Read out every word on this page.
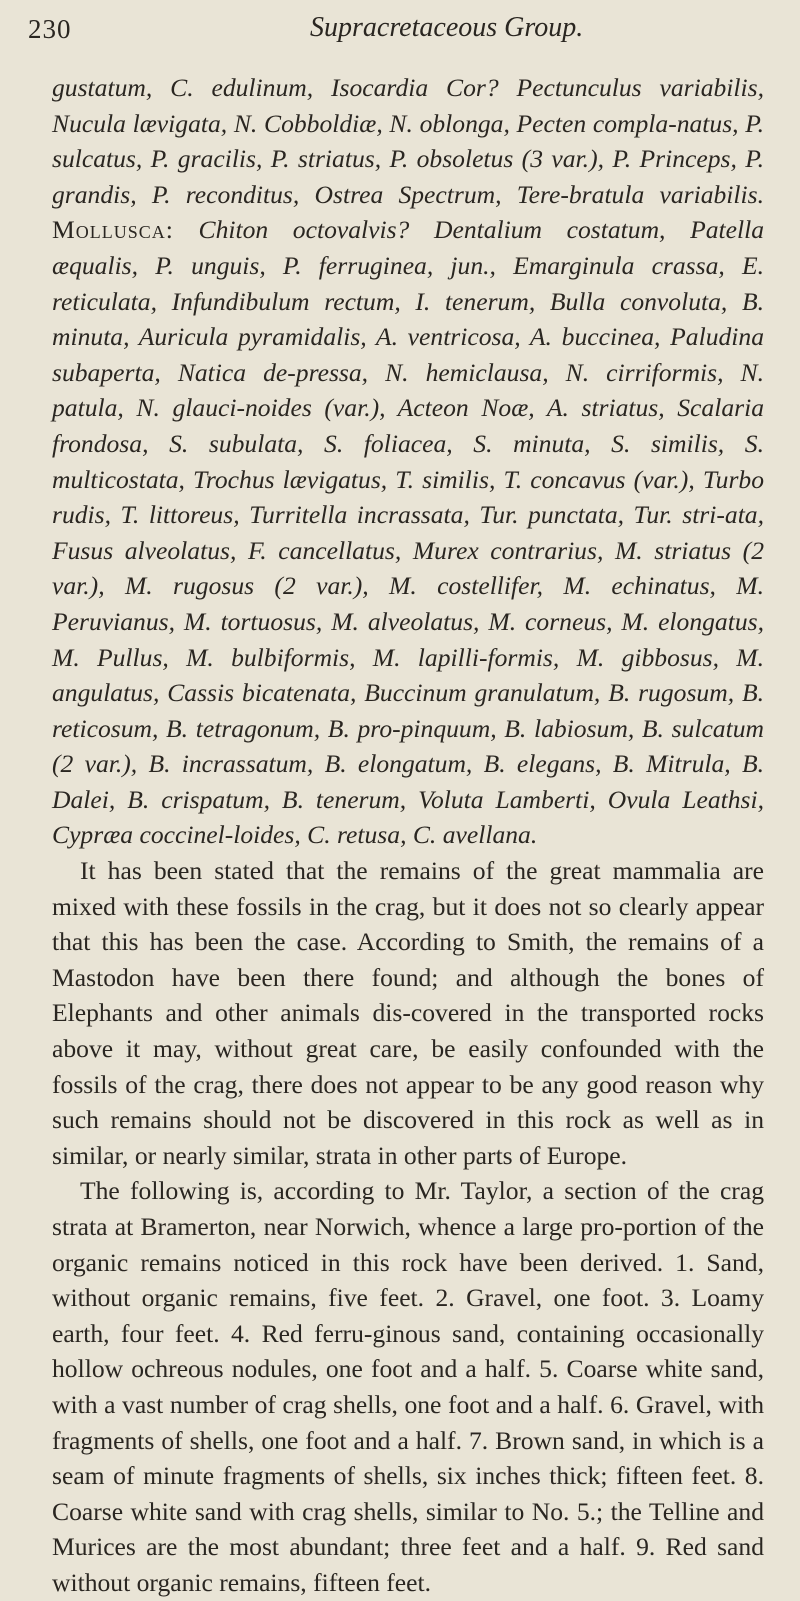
230	Supracretaceous Group.

gustatum, C. edulinum, Isocardia Cor? Pectunculus variabilis, Nucula lævigata, N. Cobboldiæ, N. oblonga, Pecten compla-natus, P. sulcatus, P. gracilis, P. striatus, P. obsoletus (3 var.), P. Princeps, P. grandis, P. reconditus, Ostrea Spectrum, Tere-bratula variabilis. Mollusca: Chiton octovalvis? Dentalium costatum, Patella æqualis, P. unguis, P. ferruginea, jun., Emarginula crassa, E. reticulata, Infundibulum rectum, I. tenerum, Bulla convoluta, B. minuta, Auricula pyramidalis, A. ventricosa, A. buccinea, Paludina subaperta, Natica de-pressa, N. hemiclausa, N. cirriformis, N. patula, N. glauci-noides (var.), Acteon Noæ, A. striatus, Scalaria frondosa, S. subulata, S. foliacea, S. minuta, S. similis, S. multicostata, Trochus lævigatus, T. similis, T. concavus (var.), Turbo rudis, T. littoreus, Turritella incrassata, Tur. punctata, Tur. stri-ata, Fusus alveolatus, F. cancellatus, Murex contrarius, M. striatus (2 var.), M. rugosus (2 var.), M. costellifer, M. echinatus, M. Peruvianus, M. tortuosus, M. alveolatus, M. corneus, M. elongatus, M. Pullus, M. bulbiformis, M. lapilli-formis, M. gibbosus, M. angulatus, Cassis bicatenata, Buccinum granulatum, B. rugosum, B. reticosum, B. tetragonum, B. pro-pinquum, B. labiosum, B. sulcatum (2 var.), B. incrassatum, B. elongatum, B. elegans, B. Mitrula, B. Dalei, B. crispatum, B. tenerum, Voluta Lamberti, Ovula Leathsi, Cypræa coccinel-loides, C. retusa, C. avellana.

It has been stated that the remains of the great mammalia are mixed with these fossils in the crag, but it does not so clearly appear that this has been the case. According to Smith, the remains of a Mastodon have been there found; and although the bones of Elephants and other animals dis-covered in the transported rocks above it may, without great care, be easily confounded with the fossils of the crag, there does not appear to be any good reason why such remains should not be discovered in this rock as well as in similar, or nearly similar, strata in other parts of Europe.

The following is, according to Mr. Taylor, a section of the crag strata at Bramerton, near Norwich, whence a large pro-portion of the organic remains noticed in this rock have been derived. 1. Sand, without organic remains, five feet. 2. Gravel, one foot. 3. Loamy earth, four feet. 4. Red ferru-ginous sand, containing occasionally hollow ochreous nodules, one foot and a half. 5. Coarse white sand, with a vast number of crag shells, one foot and a half. 6. Gravel, with fragments of shells, one foot and a half. 7. Brown sand, in which is a seam of minute fragments of shells, six inches thick; fifteen feet. 8. Coarse white sand with crag shells, similar to No. 5.; the Telline and Murices are the most abundant; three feet and a half. 9. Red sand without organic remains, fifteen feet.
